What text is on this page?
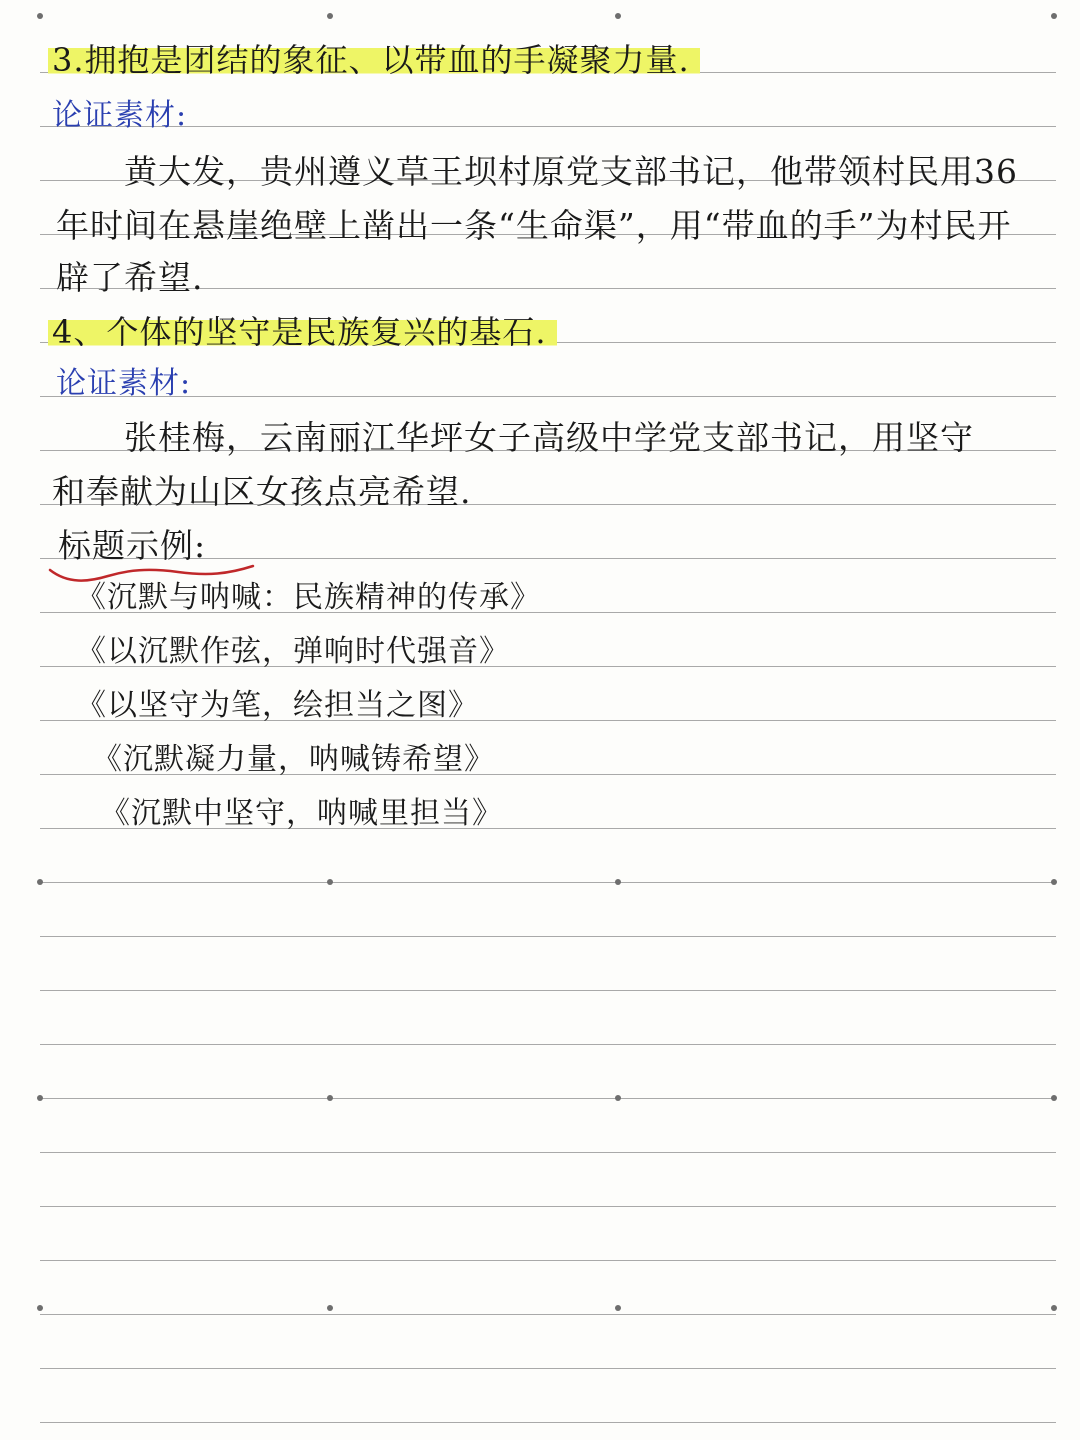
3.拥抱是团结的象征、以带血的手凝聚力量.
论证素材:
黄大发，贵州遵义草王坝村原党支部书记，他带领村民用36
年时间在悬崖绝壁上凿出一条“生命渠”，用“带血的手”为村民开
辟了希望.
4、个体的坚守是民族复兴的基石.
论证素材:
张桂梅，云南丽江华坪女子高级中学党支部书记，用坚守
和奉献为山区女孩点亮希望.
标题示例:
《沉默与呐喊：民族精神的传承》
《以沉默作弦，弹响时代强音》
《以坚守为笔，绘担当之图》
《沉默凝力量，呐喊铸希望》
《沉默中坚守，呐喊里担当》
